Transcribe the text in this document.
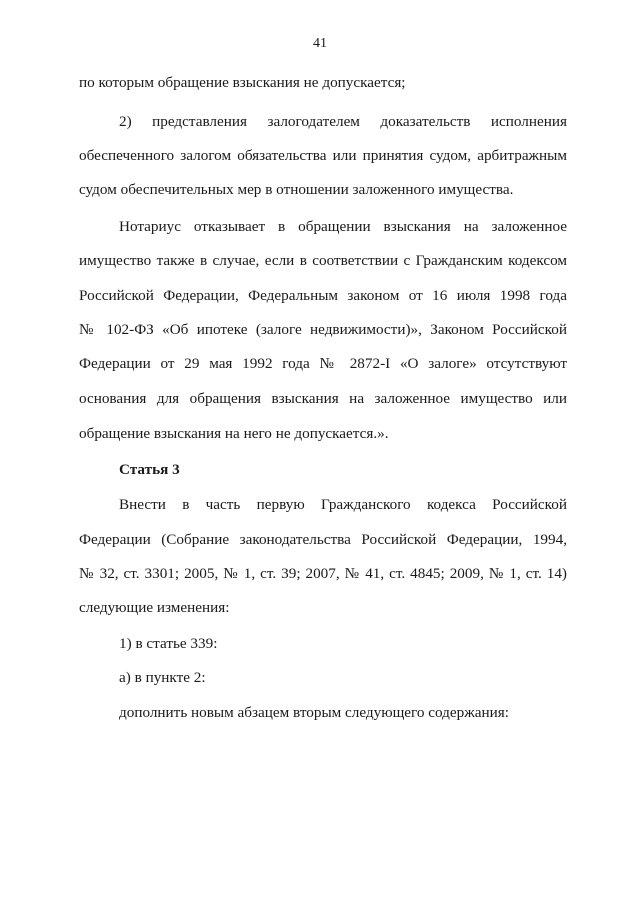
41
по которым обращение взыскания не допускается;
2)   представления   залогодателем   доказательств   исполнения
обеспеченного залогом обязательства или принятия судом, арбитражным
судом обеспечительных мер в отношении заложенного имущества.
Нотариус отказывает в обращении взыскания на заложенное
имущество также в случае, если в соответствии с Гражданским кодексом
Российской Федерации, Федеральным законом от 16 июля 1998 года
№ 102-ФЗ «Об ипотеке (залоге недвижимости)», Законом Российской
Федерации от 29 мая 1992 года № 2872-I «О залоге» отсутствуют
основания для обращения взыскания на заложенное имущество или
обращение взыскания на него не допускается.».
Статья 3
Внести в часть первую Гражданского кодекса Российской
Федерации (Собрание законодательства Российской Федерации, 1994,
№ 32, ст. 3301; 2005, № 1, ст. 39; 2007, № 41, ст. 4845; 2009, № 1, ст. 14)
следующие изменения:
1) в статье 339:
а) в пункте 2:
дополнить новым абзацем вторым следующего содержания:
